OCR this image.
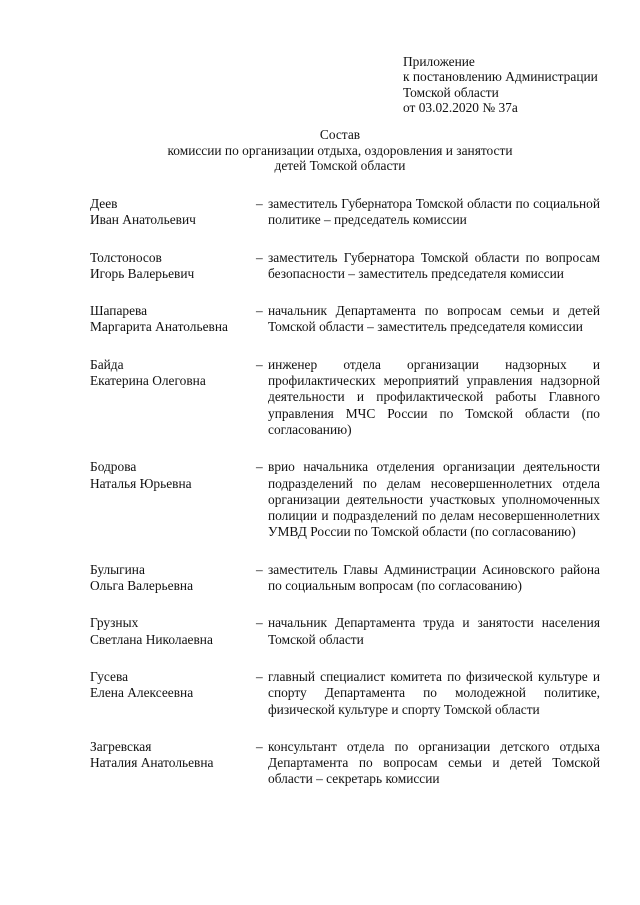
Приложение
к постановлению Администрации
Томской области
от 03.02.2020 № 37а
Состав
комиссии по организации отдыха, оздоровления и занятости
детей Томской области
Деев
Иван Анатольевич
– заместитель Губернатора Томской области по социальной политике – председатель комиссии
Толстоносов
Игорь Валерьевич
– заместитель Губернатора Томской области по вопросам безопасности – заместитель председателя комиссии
Шапарева
Маргарита Анатольевна
– начальник Департамента по вопросам семьи и детей Томской области – заместитель председателя комиссии
Байда
Екатерина Олеговна
– инженер отдела организации надзорных и профилактических мероприятий управления надзорной деятельности и профилактической работы Главного управления МЧС России по Томской области (по согласованию)
Бодрова
Наталья Юрьевна
– врио начальника отделения организации деятельности подразделений по делам несовершеннолетних отдела организации деятельности участковых уполномоченных полиции и подразделений по делам несовершеннолетних УМВД России по Томской области (по согласованию)
Булыгина
Ольга Валерьевна
– заместитель Главы Администрации Асиновского района по социальным вопросам (по согласованию)
Грузных
Светлана Николаевна
– начальник Департамента труда и занятости населения Томской области
Гусева
Елена Алексеевна
– главный специалист комитета по физической культуре и спорту Департамента по молодежной политике, физической культуре и спорту Томской области
Загревская
Наталия Анатольевна
– консультант отдела по организации детского отдыха Департамента по вопросам семьи и детей Томской области – секретарь комиссии
